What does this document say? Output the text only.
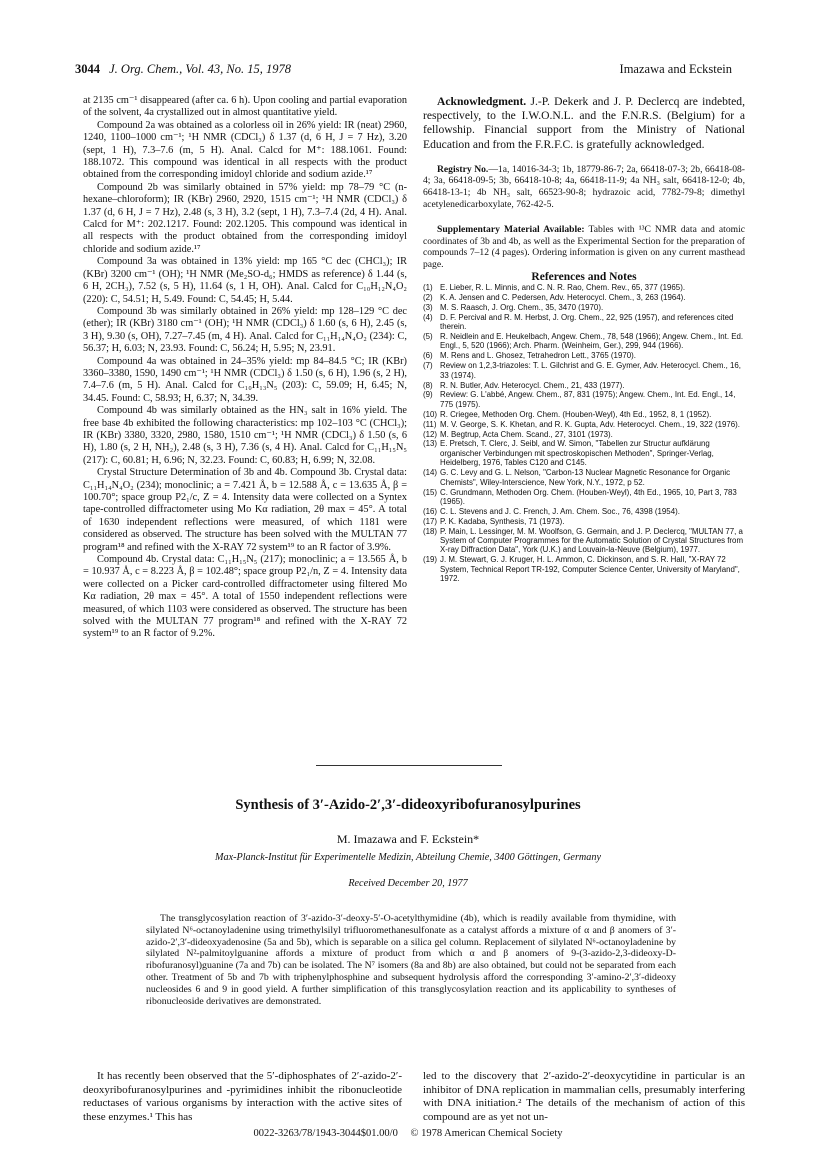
3044 J. Org. Chem., Vol. 43, No. 15, 1978	Imazawa and Eckstein

at 2135 cm⁻¹ disappeared (after ca. 6 h). Upon cooling and partial evaporation of the solvent, 4a crystallized out in almost quantitative yield.

Compound 2a was obtained as a colorless oil in 26% yield: IR (neat) 2960, 1240, 1100–1000 cm⁻¹; ¹H NMR (CDCl₃) δ 1.37 (d, 6 H, J = 7 Hz), 3.20 (sept, 1 H), 7.3–7.6 (m, 5 H). Anal. Calcd for M⁺: 188.1061. Found: 188.1072. This compound was identical in all respects with the product obtained from the corresponding imidoyl chloride and sodium azide.¹⁷

Compound 2b was similarly obtained in 57% yield: mp 78–79 °C (n-hexane–chloroform); IR (KBr) 2960, 2920, 1515 cm⁻¹; ¹H NMR (CDCl₃) δ 1.37 (d, 6 H, J = 7 Hz), 2.48 (s, 3 H), 3.2 (sept, 1 H), 7.3–7.4 (2d, 4 H). Anal. Calcd for M⁺: 202.1217. Found: 202.1205. This compound was identical in all respects with the product obtained from the corresponding imidoyl chloride and sodium azide.¹⁷

Compound 3a was obtained in 13% yield: mp 165 °C dec (CHCl₃); IR (KBr) 3200 cm⁻¹ (OH); ¹H NMR (Me₂SO-d₆; HMDS as reference) δ 1.44 (s, 6 H, 2CH₃), 7.52 (s, 5 H), 11.64 (s, 1 H, OH). Anal. Calcd for C₁₀H₁₂N₄O₂ (220): C, 54.51; H, 5.49. Found: C, 54.45; H, 5.44.

Compound 3b was similarly obtained in 26% yield: mp 128–129 °C dec (ether); IR (KBr) 3180 cm⁻¹ (OH); ¹H NMR (CDCl₃) δ 1.60 (s, 6 H), 2.45 (s, 3 H), 9.30 (s, OH), 7.27–7.45 (m, 4 H). Anal. Calcd for C₁₁H₁₄N₄O₂ (234): C, 56.37; H, 6.03; N, 23.93. Found: C, 56.24; H, 5.95; N, 23.91.

Compound 4a was obtained in 24–35% yield: mp 84–84.5 °C; IR (KBr) 3360–3380, 1590, 1490 cm⁻¹; ¹H NMR (CDCl₃) δ 1.50 (s, 6 H), 1.96 (s, 2 H), 7.4–7.6 (m, 5 H). Anal. Calcd for C₁₀H₁₃N₅ (203): C, 59.09; H, 6.45; N, 34.45. Found: C, 58.93; H, 6.37; N, 34.39.

Compound 4b was similarly obtained as the HN₃ salt in 16% yield. The free base 4b exhibited the following characteristics: mp 102–103 °C (CHCl₃); IR (KBr) 3380, 3320, 2980, 1580, 1510 cm⁻¹; ¹H NMR (CDCl₃) δ 1.50 (s, 6 H), 1.80 (s, 2 H, NH₂), 2.48 (s, 3 H), 7.36 (s, 4 H). Anal. Calcd for C₁₁H₁₅N₅ (217): C, 60.81; H, 6.96; N, 32.23. Found: C, 60.83; H, 6.99; N, 32.08.

Crystal Structure Determination of 3b and 4b. Compound 3b. Crystal data: C₁₁H₁₄N₄O₂ (234); monoclinic; a = 7.421 Å, b = 12.588 Å, c = 13.635 Å, β = 100.70°; space group P2₁/c, Z = 4. Intensity data were collected on a Syntex tape-controlled diffractometer using Mo Kα radiation, 2θ max = 45°. A total of 1630 independent reflections were measured, of which 1181 were considered as observed. The structure has been solved with the MULTAN 77 program¹⁸ and refined with the X-RAY 72 system¹⁹ to an R factor of 3.9%.

Compound 4b. Crystal data: C₁₁H₁₅N₅ (217); monoclinic; a = 13.565 Å, b = 10.937 Å, c = 8.223 Å, β = 102.48°; space group P2₁/n, Z = 4. Intensity data were collected on a Picker card-controlled diffractometer using filtered Mo Kα radiation, 2θ max = 45°. A total of 1550 independent reflections were measured, of which 1103 were considered as observed. The structure has been solved with the MULTAN 77 program¹⁸ and refined with the X-RAY 72 system¹⁹ to an R factor of 9.2%.

Acknowledgment. J.-P. Dekerk and J. P. Declercq are indebted, respectively, to the I.W.O.N.L. and the F.N.R.S. (Belgium) for a fellowship. Financial support from the Ministry of National Education and from the F.R.F.C. is gratefully acknowledged.

Registry No.—1a, 14016-34-3; 1b, 18779-86-7; 2a, 66418-07-3; 2b, 66418-08-4; 3a, 66418-09-5; 3b, 66418-10-8; 4a, 66418-11-9; 4a NH₃ salt, 66418-12-0; 4b, 66418-13-1; 4b NH₃ salt, 66523-90-8; hydrazoic acid, 7782-79-8; dimethyl acetylenedicarboxylate, 762-42-5.

Supplementary Material Available: Tables with ¹³C NMR data and atomic coordinates of 3b and 4b, as well as the Experimental Section for the preparation of compounds 7–12 (4 pages). Ordering information is given on any current masthead page.

References and Notes

(1) E. Lieber, R. L. Minnis, and C. N. R. Rao, Chem. Rev., 65, 377 (1965).
(2) K. A. Jensen and C. Pedersen, Adv. Heterocycl. Chem., 3, 263 (1964).
(3) M. S. Raasch, J. Org. Chem., 35, 3470 (1970).
(4) D. F. Percival and R. M. Herbst, J. Org. Chem., 22, 925 (1957), and references cited therein.
(5) R. Neidlein and E. Heukelbach, Angew. Chem., 78, 548 (1966); Angew. Chem., Int. Ed. Engl., 5, 520 (1966); Arch. Pharm. (Weinheim, Ger.), 299, 944 (1966).
(6) M. Rens and L. Ghosez, Tetrahedron Lett., 3765 (1970).
(7) Review on 1,2,3-triazoles: T. L. Gilchrist and G. E. Gymer, Adv. Heterocycl. Chem., 16, 33 (1974).
(8) R. N. Butler, Adv. Heterocycl. Chem., 21, 433 (1977).
(9) Review: G. L'abbé, Angew. Chem., 87, 831 (1975); Angew. Chem., Int. Ed. Engl., 14, 775 (1975).
(10) R. Criegee, Methoden Org. Chem. (Houben-Weyl), 4th Ed., 1952, 8, 1 (1952).
(11) M. V. George, S. K. Khetan, and R. K. Gupta, Adv. Heterocycl. Chem., 19, 322 (1976).
(12) M. Begtrup, Acta Chem. Scand., 27, 3101 (1973).
(13) E. Pretsch, T. Clerc, J. Seibl, and W. Simon, "Tabellen zur Structur aufklärung organischer Verbindungen mit spectroskopischen Methoden", Springer-Verlag, Heidelberg, 1976, Tables C120 and C145.
(14) G. C. Levy and G. L. Nelson, "Carbon-13 Nuclear Magnetic Resonance for Organic Chemists", Wiley-Interscience, New York, N.Y., 1972, p 52.
(15) C. Grundmann, Methoden Org. Chem. (Houben-Weyl), 4th Ed., 1965, 10, Part 3, 783 (1965).
(16) C. L. Stevens and J. C. French, J. Am. Chem. Soc., 76, 4398 (1954).
(17) P. K. Kadaba, Synthesis, 71 (1973).
(18) P. Main, L. Lessinger, M. M. Woolfson, G. Germain, and J. P. Declercq, "MULTAN 77, a System of Computer Programmes for the Automatic Solution of Crystal Structures from X-ray Diffraction Data", York (U.K.) and Louvain-la-Neuve (Belgium), 1977.
(19) J. M. Stewart, G. J. Kruger, H. L. Ammon, C. Dickinson, and S. R. Hall, "X-RAY 72 System, Technical Report TR-192, Computer Science Center, University of Maryland", 1972.
Synthesis of 3′-Azido-2′,3′-dideoxyribofuranosylpurines
M. Imazawa and F. Eckstein*
Max-Planck-Institut für Experimentelle Medizin, Abteilung Chemie, 3400 Göttingen, Germany
Received December 20, 1977
The transglycosylation reaction of 3′-azido-3′-deoxy-5′-O-acetylthymidine (4b), which is readily available from thymidine, with silylated N⁶-octanoyladenine using trimethylsilyl trifluoromethanesulfonate as a catalyst affords a mixture of α and β anomers of 3′-azido-2′,3′-dideoxyadenosine (5a and 5b), which is separable on a silica gel column. Replacement of silylated N⁶-octanoyladenine by silylated N²-palmitoylguanine affords a mixture of product from which α and β anomers of 9-(3-azido-2,3-dideoxy-D-ribofuranosyl)guanine (7a and 7b) can be isolated. The N⁷ isomers (8a and 8b) are also obtained, but could not be separated from each other. Treatment of 5b and 7b with triphenylphosphine and subsequent hydrolysis afford the corresponding 3′-amino-2′,3′-dideoxy nucleosides 6 and 9 in good yield. A further simplification of this transglycosylation reaction and its applicability to syntheses of ribonucleoside derivatives are demonstrated.
It has recently been observed that the 5′-diphosphates of 2′-azido-2′-deoxyribofuranosylpurines and -pyrimidines inhibit the ribonucleotide reductases of various organisms by interaction with the active sites of these enzymes.¹ This has
led to the discovery that 2′-azido-2′-deoxycytidine in particular is an inhibitor of DNA replication in mammalian cells, presumably interfering with DNA initiation.² The details of the mechanism of action of this compound are as yet not un-
0022-3263/78/1943-3044$01.00/0 © 1978 American Chemical Society
